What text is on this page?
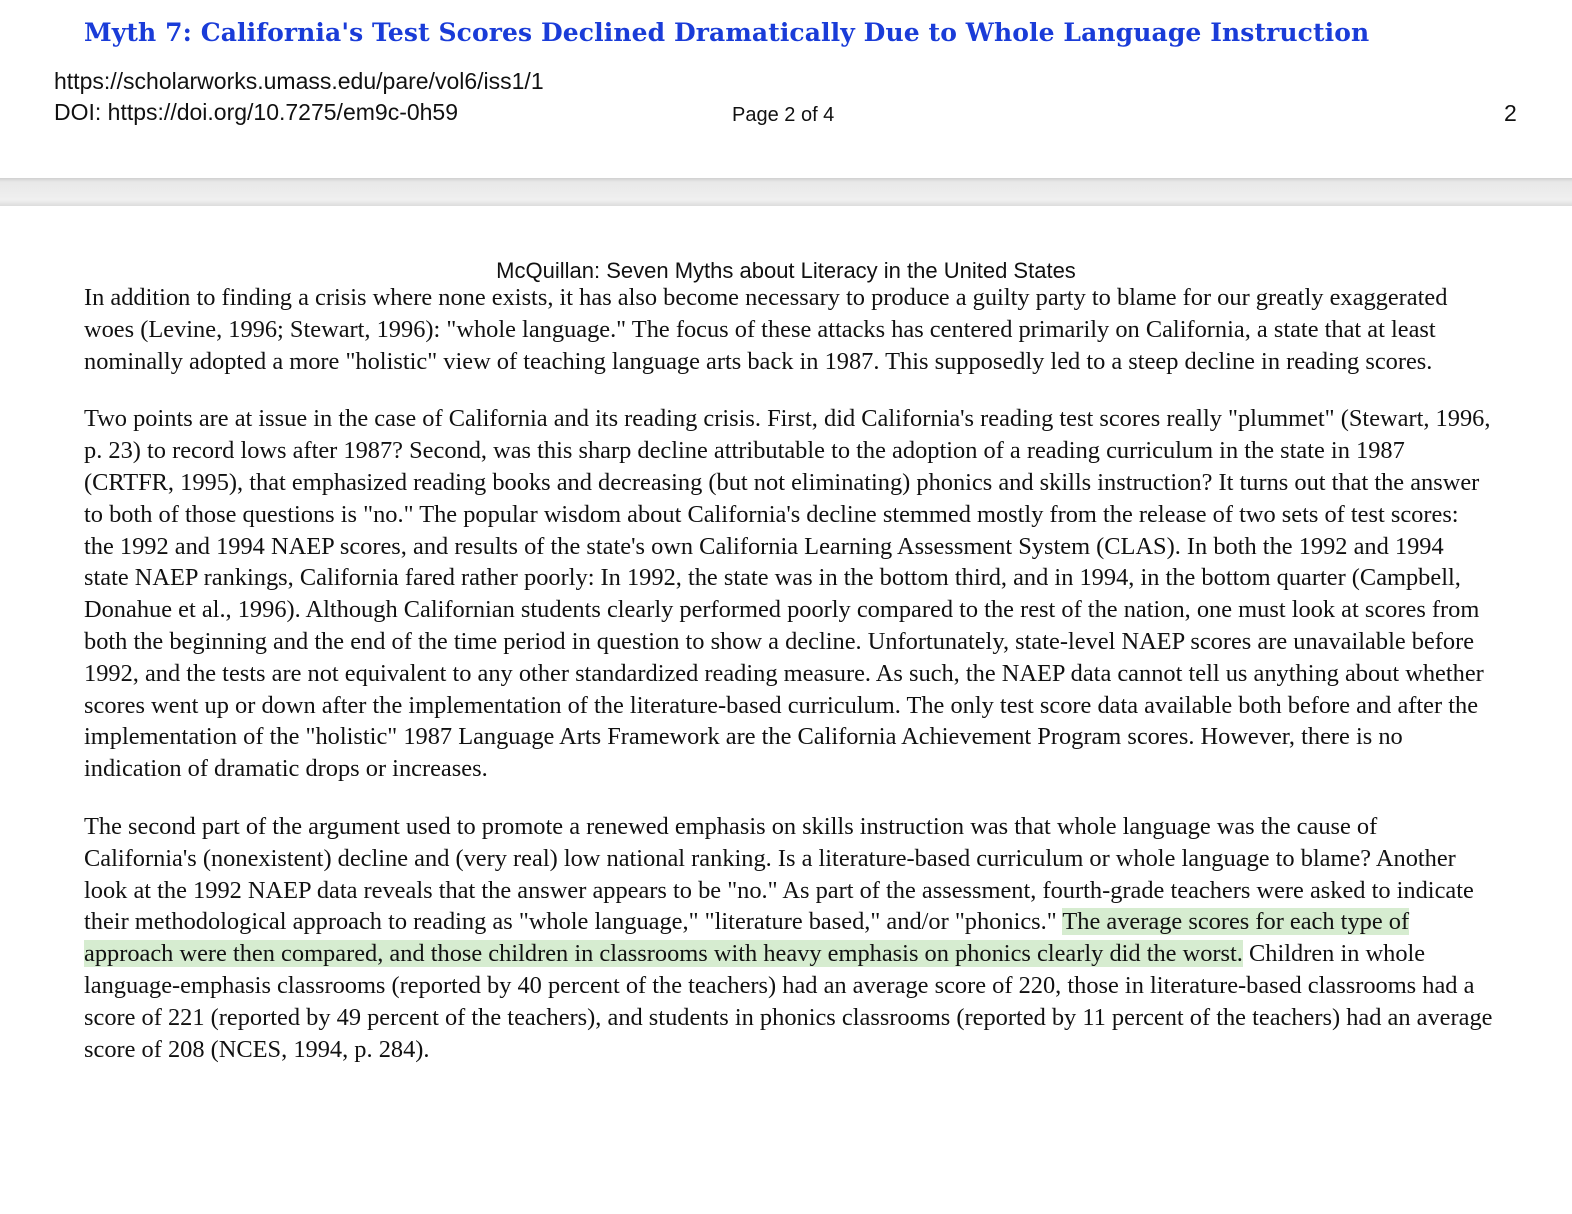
Myth 7: California's Test Scores Declined Dramatically Due to Whole Language Instruction
https://scholarworks.umass.edu/pare/vol6/iss1/1
DOI: https://doi.org/10.7275/em9c-0h59	Page 2 of 4	2
McQuillan: Seven Myths about Literacy in the United States

In addition to finding a crisis where none exists, it has also become necessary to produce a guilty party to blame for our greatly exaggerated woes (Levine, 1996; Stewart, 1996): "whole language." The focus of these attacks has centered primarily on California, a state that at least nominally adopted a more "holistic" view of teaching language arts back in 1987. This supposedly led to a steep decline in reading scores.

Two points are at issue in the case of California and its reading crisis. First, did California's reading test scores really "plummet" (Stewart, 1996, p. 23) to record lows after 1987? Second, was this sharp decline attributable to the adoption of a reading curriculum in the state in 1987 (CRTFR, 1995), that emphasized reading books and decreasing (but not eliminating) phonics and skills instruction? It turns out that the answer to both of those questions is "no." The popular wisdom about California's decline stemmed mostly from the release of two sets of test scores: the 1992 and 1994 NAEP scores, and results of the state's own California Learning Assessment System (CLAS). In both the 1992 and 1994 state NAEP rankings, California fared rather poorly: In 1992, the state was in the bottom third, and in 1994, in the bottom quarter (Campbell, Donahue et al., 1996). Although Californian students clearly performed poorly compared to the rest of the nation, one must look at scores from both the beginning and the end of the time period in question to show a decline. Unfortunately, state-level NAEP scores are unavailable before 1992, and the tests are not equivalent to any other standardized reading measure. As such, the NAEP data cannot tell us anything about whether scores went up or down after the implementation of the literature-based curriculum. The only test score data available both before and after the implementation of the "holistic" 1987 Language Arts Framework are the California Achievement Program scores. However, there is no indication of dramatic drops or increases.

The second part of the argument used to promote a renewed emphasis on skills instruction was that whole language was the cause of California's (nonexistent) decline and (very real) low national ranking. Is a literature-based curriculum or whole language to blame? Another look at the 1992 NAEP data reveals that the answer appears to be "no." As part of the assessment, fourth-grade teachers were asked to indicate their methodological approach to reading as "whole language," "literature based," and/or "phonics." The average scores for each type of approach were then compared, and those children in classrooms with heavy emphasis on phonics clearly did the worst. Children in whole language-emphasis classrooms (reported by 40 percent of the teachers) had an average score of 220, those in literature-based classrooms had a score of 221 (reported by 49 percent of the teachers), and students in phonics classrooms (reported by 11 percent of the teachers) had an average score of 208 (NCES, 1994, p. 284).
